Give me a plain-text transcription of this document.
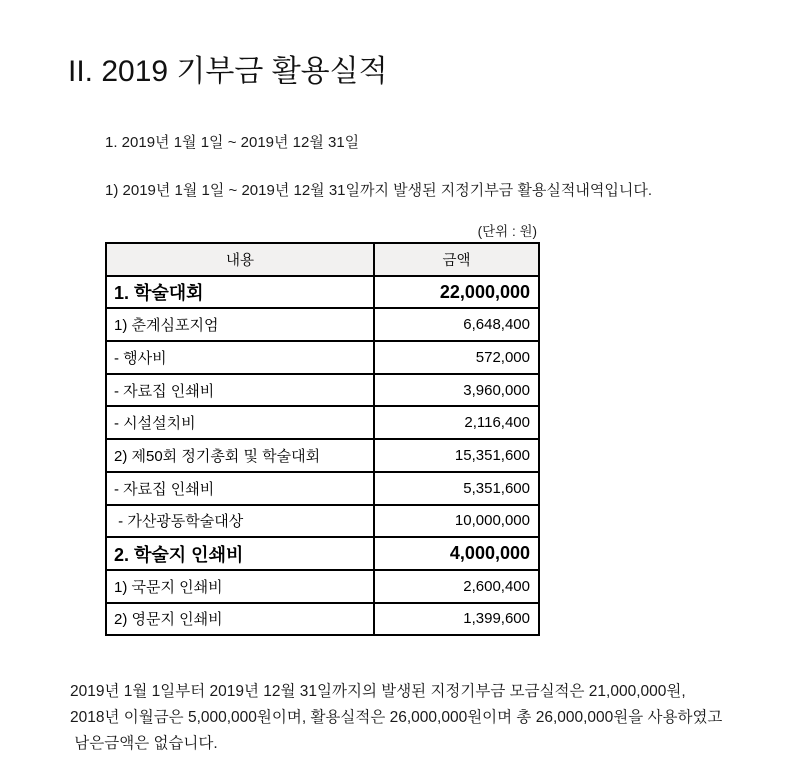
II. 2019 기부금 활용실적
1. 2019년 1월 1일 ~ 2019년 12월 31일
1) 2019년 1월 1일 ~ 2019년 12월 31일까지 발생된 지정기부금 활용실적내역입니다.
(단위 : 원)
내용	금액
1. 학술대회	22,000,000
1) 춘계심포지엄	6,648,400
- 행사비	572,000
- 자료집 인쇄비	3,960,000
- 시설설치비	2,116,400
2) 제50회 정기총회 및 학술대회	15,351,600
- 자료집 인쇄비	5,351,600
- 가산광동학술대상	10,000,000
2. 학술지 인쇄비	4,000,000
1) 국문지 인쇄비	2,600,400
2) 영문지 인쇄비	1,399,600
2019년 1월 1일부터 2019년 12월 31일까지의 발생된 지정기부금 모금실적은 21,000,000원,
2018년 이월금은 5,000,000원이며, 활용실적은 26,000,000원이며 총 26,000,000원을 사용하였고
남은금액은 없습니다.
